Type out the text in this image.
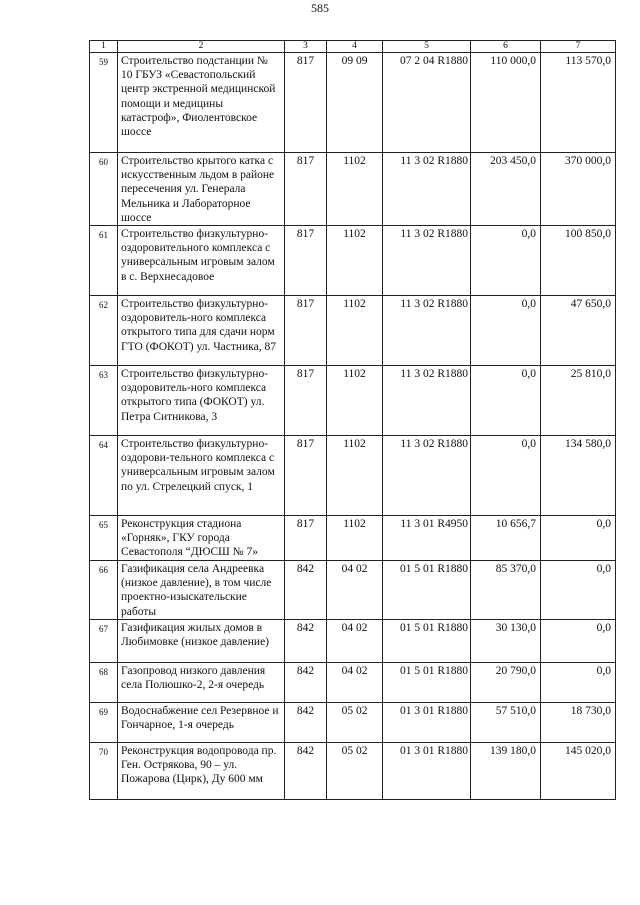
585
1	2	3	4	5	6	7
59	Строительство подстанции № 10 ГБУЗ «Севастопольский центр экстренной медицинской помощи и медицины катастроф», Фиолентовское шоссе	817	09 09	07 2 04 R1880	110 000,0	113 570,0
60	Строительство крытого катка с искусственным льдом в районе пересечения ул. Генерала Мельника и Лабораторное шоссе	817	1102	11 3 02 R1880	203 450,0	370 000,0
61	Строительство физкультурно-оздоровительного комплекса с универсальным игровым залом в с. Верхнесадовое	817	1102	11 3 02 R1880	0,0	100 850,0
62	Строительство физкультурно-оздоровитель-ного комплекса открытого типа для сдачи норм ГТО (ФОКОТ) ул. Частника, 87	817	1102	11 3 02 R1880	0,0	47 650,0
63	Строительство физкультурно-оздоровитель-ного комплекса открытого типа (ФОКОТ) ул. Петра Ситникова, 3	817	1102	11 3 02 R1880	0,0	25 810,0
64	Строительство физкультурно-оздорови-тельного комплекса с универсальным игровым залом по ул. Стрелецкий спуск, 1	817	1102	11 3 02 R1880	0,0	134 580,0
65	Реконструкция стадиона «Горняк», ГКУ города Севастополя “ДЮСШ № 7»	817	1102	11 3 01 R4950	10 656,7	0,0
66	Газификация села Андреевка (низкое давление), в том числе проектно-изыскательские работы	842	04 02	01 5 01 R1880	85 370,0	0,0
67	Газификация жилых домов в Любимовке (низкое давление)	842	04 02	01 5 01 R1880	30 130,0	0,0
68	Газопровод низкого давления села Полюшко-2, 2-я очередь	842	04 02	01 5 01 R1880	20 790,0	0,0
69	Водоснабжение сел Резервное и Гончарное, 1-я очередь	842	05 02	01 3 01 R1880	57 510,0	18 730,0
70	Реконструкция водопровода пр. Ген. Острякова, 90 – ул. Пожарова (Цирк), Ду 600 мм	842	05 02	01 3 01 R1880	139 180,0	145 020,0
